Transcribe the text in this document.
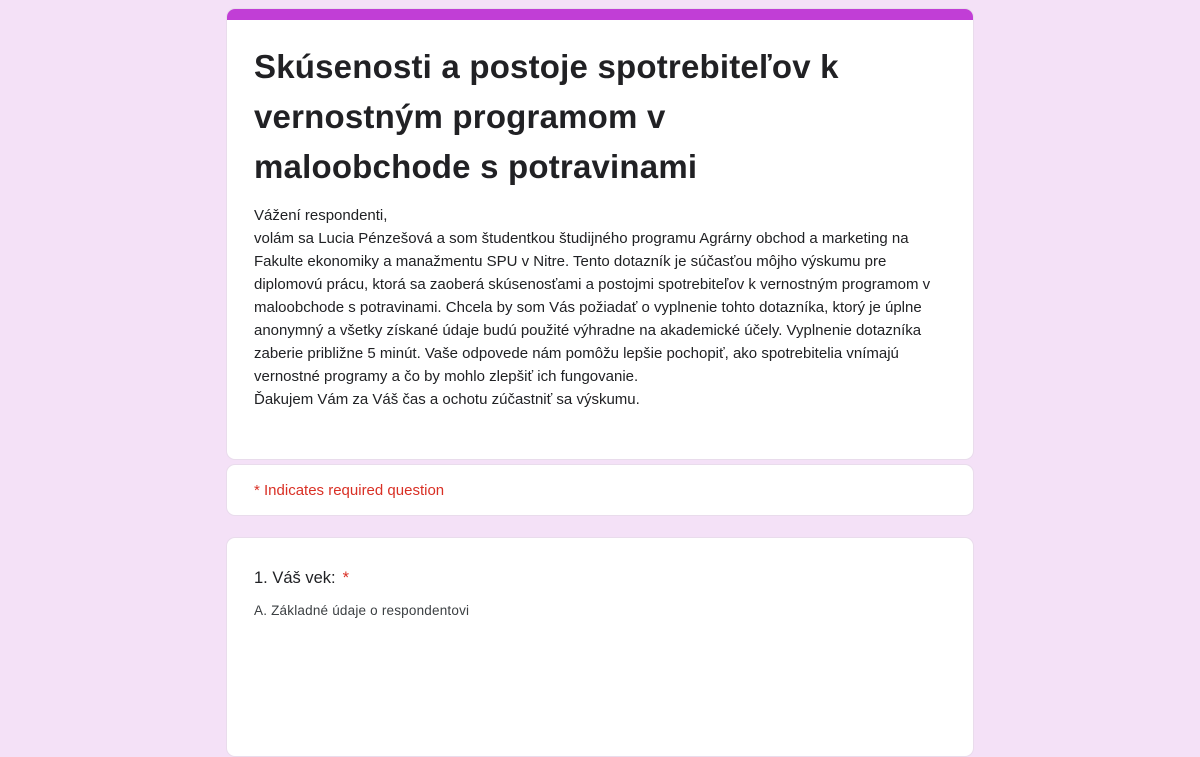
Skúsenosti a postoje spotrebiteľov k
vernostným programom v
maloobchode s potravinami

Vážení respondenti,

volám sa Lucia Pénzešová a som študentkou študijného programu Agrárny obchod a marketing na Fakulte ekonomiky a manažmentu SPU v Nitre. Tento dotazník je súčasťou môjho výskumu pre diplomovú prácu, ktorá sa zaoberá skúsenosťami a postojmi spotrebiteľov k vernostným programom v maloobchode s potravinami. Chcela by som Vás požiadať o vyplnenie tohto dotazníka, ktorý je úplne anonymný a všetky získané údaje budú použité výhradne na akademické účely. Vyplnenie dotazníka zaberie približne 5 minút. Vaše odpovede nám pomôžu lepšie pochopiť, ako spotrebitelia vnímajú vernostné programy a čo by mohlo zlepšiť ich fungovanie.

Ďakujem Vám za Váš čas a ochotu zúčastniť sa výskumu.

* Indicates required question

1. Váš vek: *
A. Základné údaje o respondentovi
